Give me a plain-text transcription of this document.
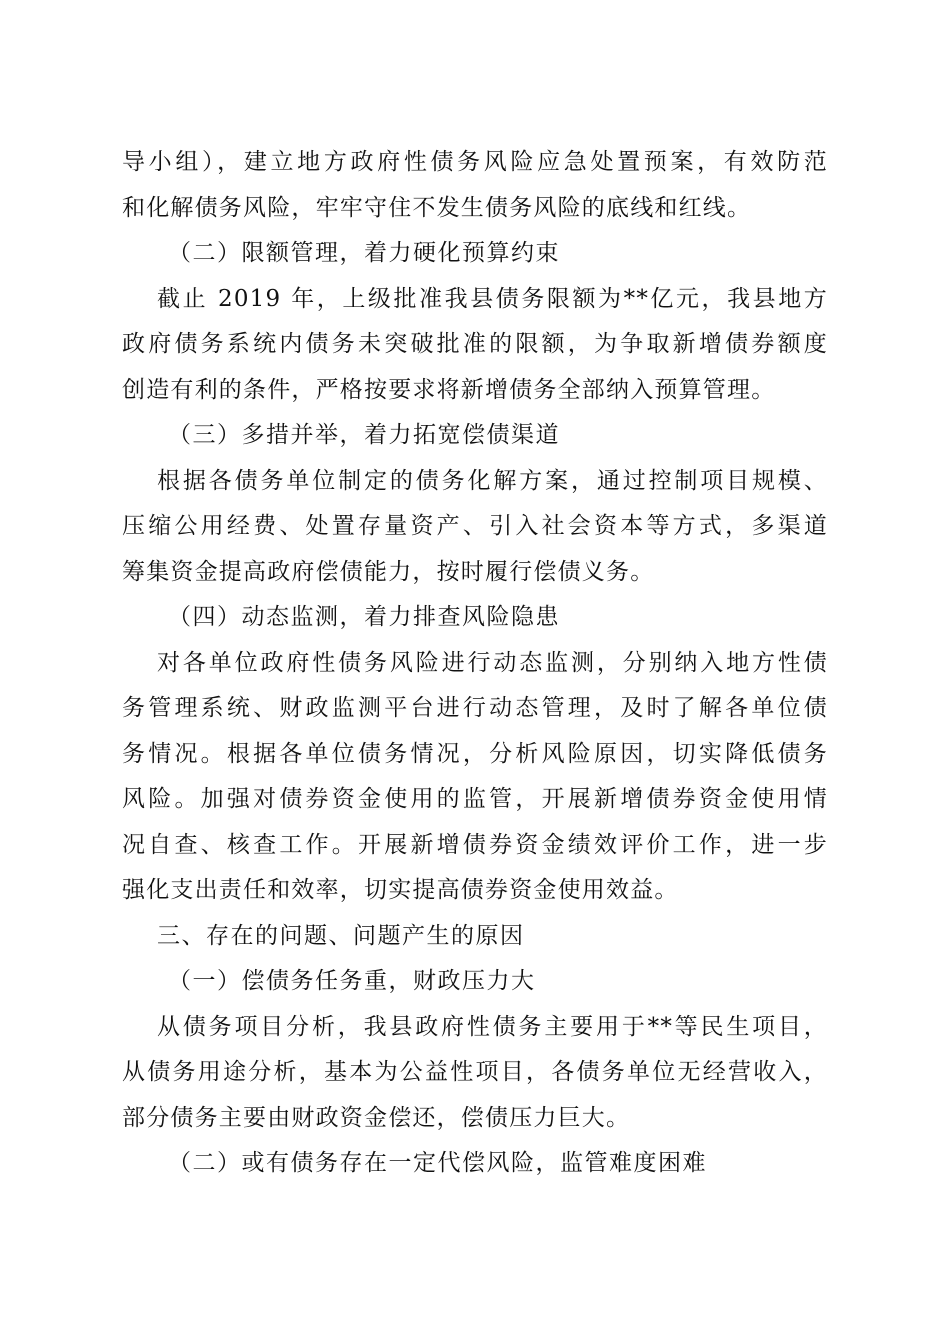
导小组），建立地方政府性债务风险应急处置预案，有效防范
和化解债务风险，牢牢守住不发生债务风险的底线和红线。
（二）限额管理，着力硬化预算约束
截止 2019 年，上级批准我县债务限额为**亿元，我县地方
政府债务系统内债务未突破批准的限额，为争取新增债券额度
创造有利的条件，严格按要求将新增债务全部纳入预算管理。
（三）多措并举，着力拓宽偿债渠道
根据各债务单位制定的债务化解方案，通过控制项目规模、
压缩公用经费、处置存量资产、引入社会资本等方式，多渠道
筹集资金提高政府偿债能力，按时履行偿债义务。
（四）动态监测，着力排查风险隐患
对各单位政府性债务风险进行动态监测，分别纳入地方性债
务管理系统、财政监测平台进行动态管理，及时了解各单位债
务情况。根据各单位债务情况，分析风险原因，切实降低债务
风险。加强对债券资金使用的监管，开展新增债券资金使用情
况自查、核查工作。开展新增债券资金绩效评价工作，进一步
强化支出责任和效率，切实提高债券资金使用效益。
三、存在的问题、问题产生的原因
（一）偿债务任务重，财政压力大
从债务项目分析，我县政府性债务主要用于**等民生项目，
从债务用途分析，基本为公益性项目，各债务单位无经营收入，
部分债务主要由财政资金偿还，偿债压力巨大。
（二）或有债务存在一定代偿风险，监管难度困难
